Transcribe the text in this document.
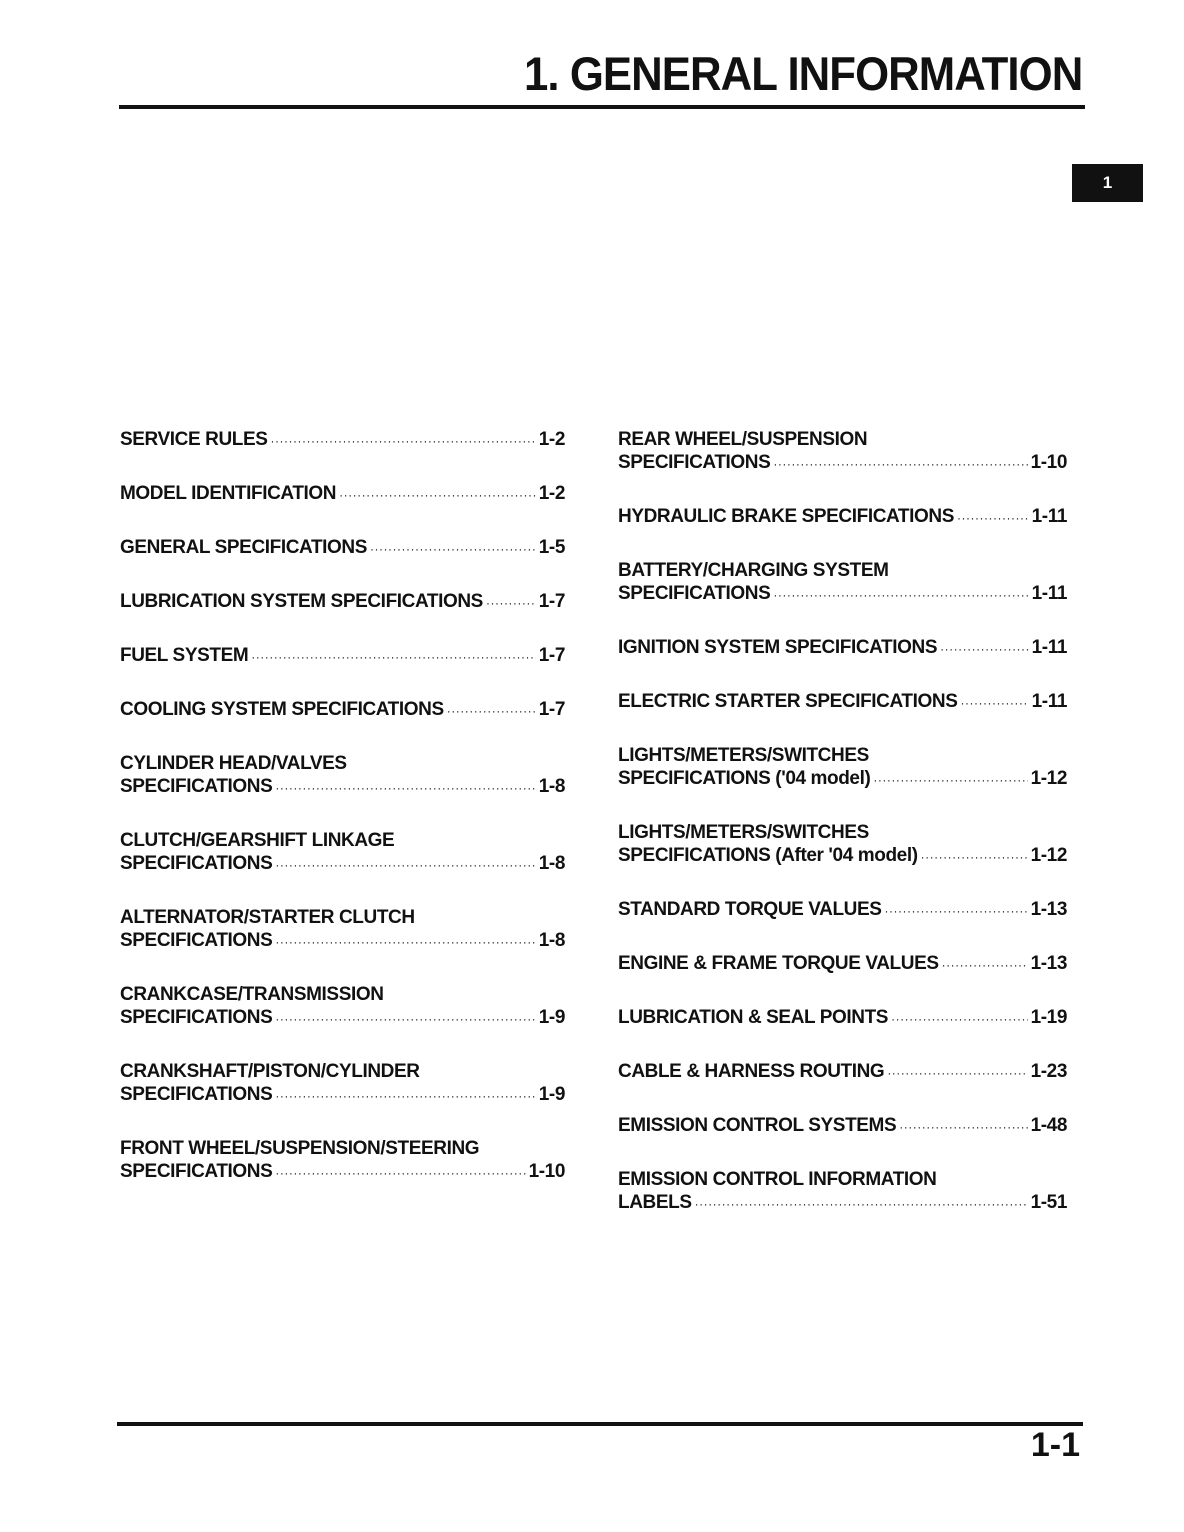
1. GENERAL INFORMATION
1
SERVICE RULES ·····	1-2
MODEL IDENTIFICATION ·····	1-2
GENERAL SPECIFICATIONS ·····	1-5
LUBRICATION SYSTEM SPECIFICATIONS ·····	1-7
FUEL SYSTEM ·····	1-7
COOLING SYSTEM SPECIFICATIONS ·····	1-7
CYLINDER HEAD/VALVES
SPECIFICATIONS ·····	1-8
CLUTCH/GEARSHIFT LINKAGE
SPECIFICATIONS ·····	1-8
ALTERNATOR/STARTER CLUTCH
SPECIFICATIONS ·····	1-8
CRANKCASE/TRANSMISSION
SPECIFICATIONS ·····	1-9
CRANKSHAFT/PISTON/CYLINDER
SPECIFICATIONS ·····	1-9
FRONT WHEEL/SUSPENSION/STEERING
SPECIFICATIONS ·····	1-10
REAR WHEEL/SUSPENSION
SPECIFICATIONS ·····	1-10
HYDRAULIC BRAKE SPECIFICATIONS ·····	1-11
BATTERY/CHARGING SYSTEM
SPECIFICATIONS ·····	1-11
IGNITION SYSTEM SPECIFICATIONS ·····	1-11
ELECTRIC STARTER SPECIFICATIONS ·····	1-11
LIGHTS/METERS/SWITCHES
SPECIFICATIONS ('04 model) ·····	1-12
LIGHTS/METERS/SWITCHES
SPECIFICATIONS (After '04 model) ·····	1-12
STANDARD TORQUE VALUES ·····	1-13
ENGINE & FRAME TORQUE VALUES ·····	1-13
LUBRICATION & SEAL POINTS ·····	1-19
CABLE & HARNESS ROUTING ·····	1-23
EMISSION CONTROL SYSTEMS ·····	1-48
EMISSION CONTROL INFORMATION
LABELS ·····	1-51
1-1
